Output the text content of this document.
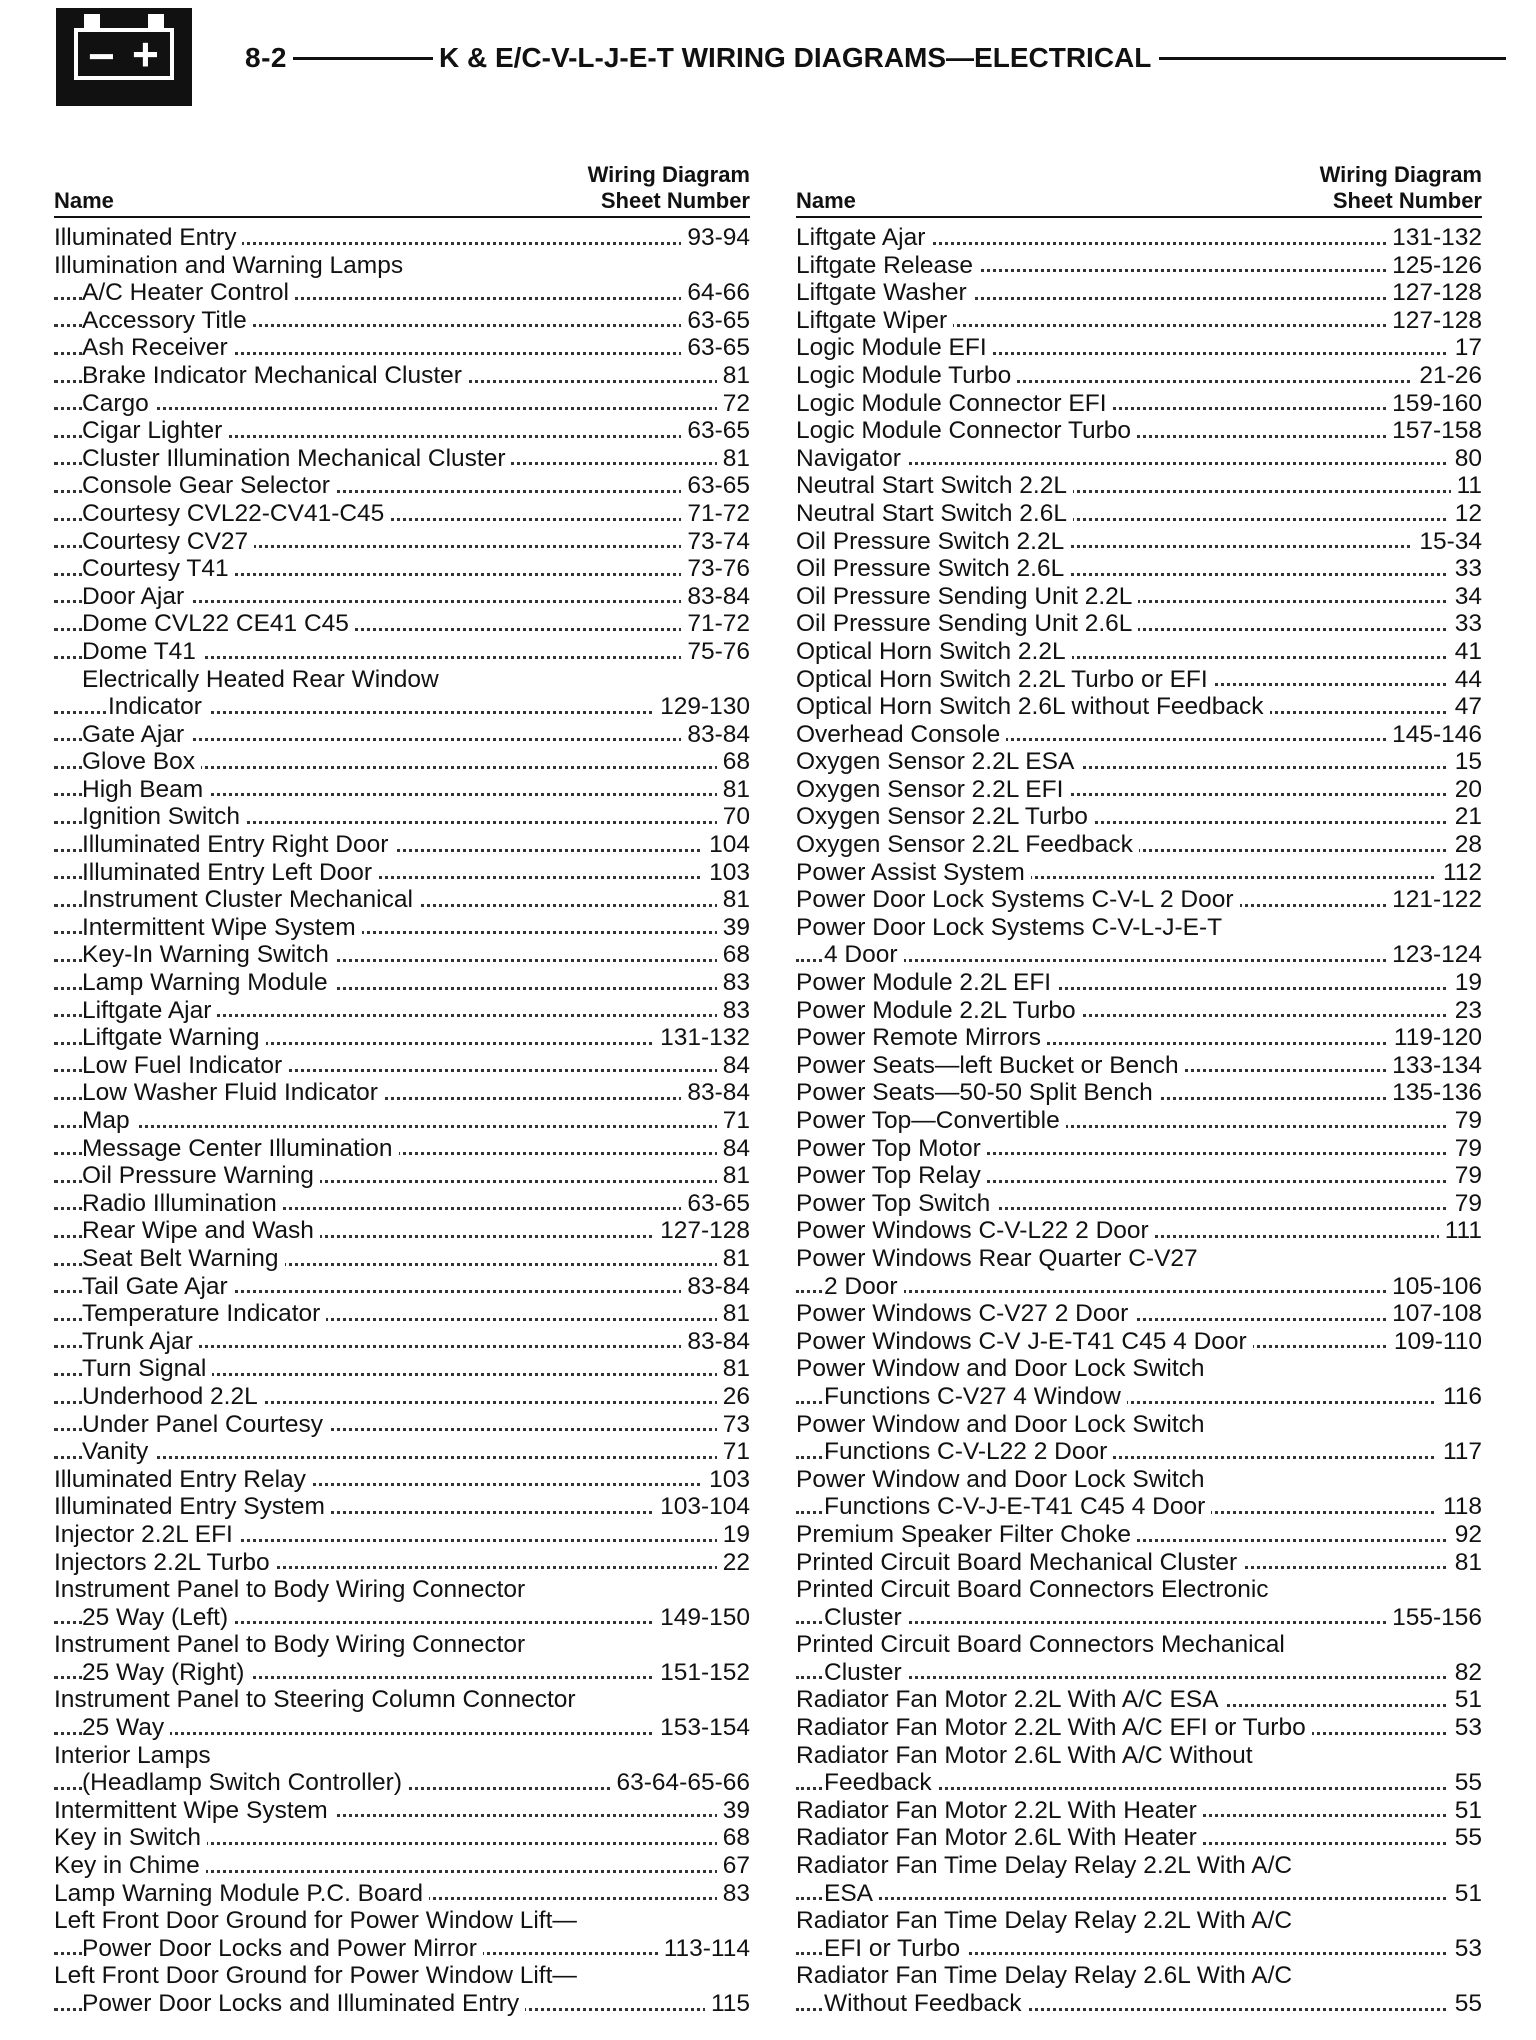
− +	8-2	K & E/C-V-L-J-E-T WIRING DIAGRAMS—ELECTRICAL
Name
Wiring Diagram
Sheet Number
Illuminated Entry	93-94
Illumination and Warning Lamps
A/C Heater Control	64-66
Accessory Title	63-65
Ash Receiver	63-65
Brake Indicator Mechanical Cluster	81
Cargo	72
Cigar Lighter	63-65
Cluster Illumination Mechanical Cluster	81
Console Gear Selector	63-65
Courtesy CVL22-CV41-C45	71-72
Courtesy CV27	73-74
Courtesy T41	73-76
Door Ajar	83-84
Dome CVL22 CE41 C45	71-72
Dome T41	75-76
Electrically Heated Rear Window
Indicator	129-130
Gate Ajar	83-84
Glove Box	68
High Beam	81
Ignition Switch	70
Illuminated Entry Right Door	104
Illuminated Entry Left Door	103
Instrument Cluster Mechanical	81
Intermittent Wipe System	39
Key-In Warning Switch	68
Lamp Warning Module	83
Liftgate Ajar	83
Liftgate Warning	131-132
Low Fuel Indicator	84
Low Washer Fluid Indicator	83-84
Map	71
Message Center Illumination	84
Oil Pressure Warning	81
Radio Illumination	63-65
Rear Wipe and Wash	127-128
Seat Belt Warning	81
Tail Gate Ajar	83-84
Temperature Indicator	81
Trunk Ajar	83-84
Turn Signal	81
Underhood 2.2L	26
Under Panel Courtesy	73
Vanity	71
Illuminated Entry Relay	103
Illuminated Entry System	103-104
Injector 2.2L EFI	19
Injectors 2.2L Turbo	22
Instrument Panel to Body Wiring Connector
25 Way (Left)	149-150
Instrument Panel to Body Wiring Connector
25 Way (Right)	151-152
Instrument Panel to Steering Column Connector
25 Way	153-154
Interior Lamps
(Headlamp Switch Controller)	63-64-65-66
Intermittent Wipe System	39
Key in Switch	68
Key in Chime	67
Lamp Warning Module P.C. Board	83
Left Front Door Ground for Power Window Lift—
Power Door Locks and Power Mirror	113-114
Left Front Door Ground for Power Window Lift—
Power Door Locks and Illuminated Entry	115
Name
Wiring Diagram
Sheet Number
Liftgate Ajar	131-132
Liftgate Release	125-126
Liftgate Washer	127-128
Liftgate Wiper	127-128
Logic Module EFI	17
Logic Module Turbo	21-26
Logic Module Connector EFI	159-160
Logic Module Connector Turbo	157-158
Navigator	80
Neutral Start Switch 2.2L	11
Neutral Start Switch 2.6L	12
Oil Pressure Switch 2.2L	15-34
Oil Pressure Switch 2.6L	33
Oil Pressure Sending Unit 2.2L	34
Oil Pressure Sending Unit 2.6L	33
Optical Horn Switch 2.2L	41
Optical Horn Switch 2.2L Turbo or EFI	44
Optical Horn Switch 2.6L without Feedback	47
Overhead Console	145-146
Oxygen Sensor 2.2L ESA	15
Oxygen Sensor 2.2L EFI	20
Oxygen Sensor 2.2L Turbo	21
Oxygen Sensor 2.2L Feedback	28
Power Assist System	112
Power Door Lock Systems C-V-L 2 Door	121-122
Power Door Lock Systems C-V-L-J-E-T
4 Door	123-124
Power Module 2.2L EFI	19
Power Module 2.2L Turbo	23
Power Remote Mirrors	119-120
Power Seats—left Bucket or Bench	133-134
Power Seats—50-50 Split Bench	135-136
Power Top—Convertible	79
Power Top Motor	79
Power Top Relay	79
Power Top Switch	79
Power Windows C-V-L22 2 Door	111
Power Windows Rear Quarter C-V27
2 Door	105-106
Power Windows C-V27 2 Door	107-108
Power Windows C-V J-E-T41 C45 4 Door	109-110
Power Window and Door Lock Switch
Functions C-V27 4 Window	116
Power Window and Door Lock Switch
Functions C-V-L22 2 Door	117
Power Window and Door Lock Switch
Functions C-V-J-E-T41 C45 4 Door	118
Premium Speaker Filter Choke	92
Printed Circuit Board Mechanical Cluster	81
Printed Circuit Board Connectors Electronic
Cluster	155-156
Printed Circuit Board Connectors Mechanical
Cluster	82
Radiator Fan Motor 2.2L With A/C ESA	51
Radiator Fan Motor 2.2L With A/C EFI or Turbo	53
Radiator Fan Motor 2.6L With A/C Without
Feedback	55
Radiator Fan Motor 2.2L With Heater	51
Radiator Fan Motor 2.6L With Heater	55
Radiator Fan Time Delay Relay 2.2L With A/C
ESA	51
Radiator Fan Time Delay Relay 2.2L With A/C
EFI or Turbo	53
Radiator Fan Time Delay Relay 2.6L With A/C
Without Feedback	55
